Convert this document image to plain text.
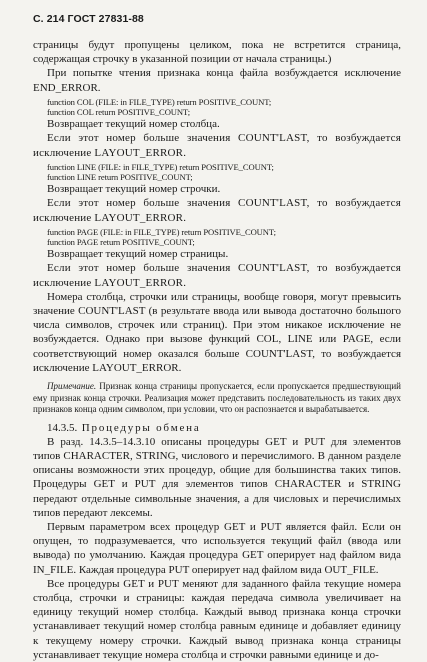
С. 214 ГОСТ 27831-88

страницы будут пропущены целиком, пока не встретится страница, содержащая строчку в указанной позиции от начала страницы.)

При попытке чтения признака конца файла возбуждается исключение END_ERROR.

function COL (FILE: in FILE_TYPE) return POSITIVE_COUNT;

function COL return POSITIVE_COUNT;

Возвращает текущий номер столбца.

Если этот номер больше значения COUNT'LAST, то возбуждается исключение LAYOUT_ERROR.

function LINE (FILE: in FILE_TYPE) return POSITIVE_COUNT;

function LINE return POSITIVE_COUNT;

Возвращает текущий номер строчки.

Если этот номер больше значения COUNT'LAST, то возбуждается исключение LAYOUT_ERROR.

function PAGE (FILE: in FILE_TYPE) return POSITIVE_COUNT;

function PAGE return POSITIVE_COUNT;

Возвращает текущий номер страницы.

Если этот номер больше значения COUNT'LAST, то возбуждается исключение LAYOUT_ERROR.

Номера столбца, строчки или страницы, вообще говоря, могут превысить значение COUNT'LAST (в результате ввода или вывода достаточно большого числа символов, строчек или страниц). При этом никакое исключение не возбуждается. Однако при вызове функций COL, LINE или PAGE, если соответствующий номер оказался больше COUNT'LAST, то возбуждается исключение LAYOUT_ERROR.

Примечание. Признак конца страницы пропускается, если пропускается предшествующий ему признак конца строчки. Реализация может представить последовательность из таких двух признаков конца одним символом, при условии, что он распознается и вырабатывается.

14.3.5. Процедуры обмена

В разд. 14.3.5–14.3.10 описаны процедуры GET и PUT для элементов типов CHARACTER, STRING, числового и перечислимого. В данном разделе описаны возможности этих процедур, общие для большинства таких типов. Процедуры GET и PUT для элементов типов CHARACTER и STRING передают отдельные символьные значения, а для числовых и перечислимых типов передают лексемы.

Первым параметром всех процедур GET и PUT является файл. Если он опущен, то подразумевается, что используется текущий файл (ввода или вывода) по умолчанию. Каждая процедура GET оперирует над файлом вида IN_FILE. Каждая процедура PUT оперирует над файлом вида OUT_FILE.

Все процедуры GET и PUT меняют для заданного файла текущие номера столбца, строчки и страницы: каждая передача символа увеличивает на единицу текущий номер столбца. Каждый вывод признака конца строчки устанавливает текущий номер столбца равным единице и добавляет единицу к текущему номеру строчки. Каждый вывод признака конца страницы устанавливает текущие номера столбца и строчки равными единице и до-
